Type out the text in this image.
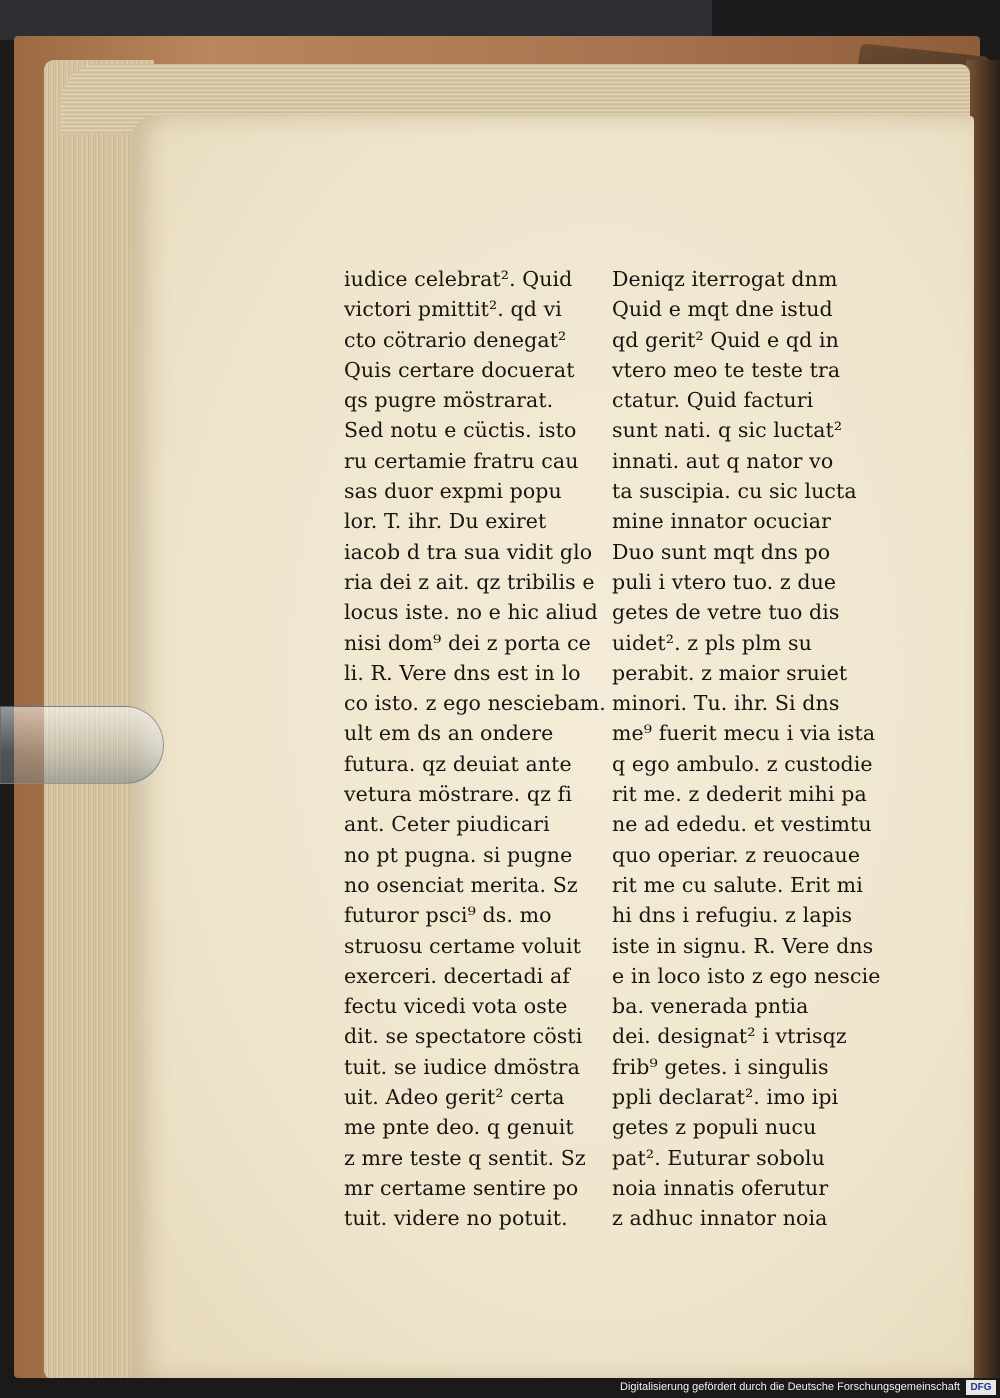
iudice celebrat². Quid
victori pmittit². qd vi
cto cötrario denegat²
Quis certare docuerat
qs pugre möstrarat.
Sed notu e cüctis. isto
ru certamie fratru cau
sas duor expmi popu
lor. T. ihr. Du exiret
iacob d tra sua vidit glo
ria dei z ait. qz tribilis e
locus iste. no e hic aliud
nisi dom⁹ dei z porta ce
li. R. Vere dns est in lo
co isto. z ego nesciebam.
ult em ds an ondere
futura. qz deuiat ante
vetura möstrare. qz fi
ant. Ceter piudicari
no pt pugna. si pugne
no osenciat merita. Sz
futuror psci⁹ ds. mo
struosu certame voluit
exerceri. decertadi af
fectu vicedi vota oste
dit. se spectatore cösti
tuit. se iudice dmöstra
uit. Adeo gerit² certa
me pnte deo. q genuit
z mre teste q sentit. Sz
mr certame sentire po
tuit. videre no potuit.
Deniqz iterrogat dnm
Quid e mqt dne istud
qd gerit² Quid e qd in
vtero meo te teste tra
ctatur. Quid facturi
sunt nati. q sic luctat²
innati. aut q nator vo
ta suscipia. cu sic lucta
mine innator ocuciar
Duo sunt mqt dns po
puli i vtero tuo. z due
getes de vetre tuo dis
uidet². z pls plm su
perabit. z maior sruiet
minori. Tu. ihr. Si dns
me⁹ fuerit mecu i via ista
q ego ambulo. z custodie
rit me. z dederit mihi pa
ne ad ededu. et vestimtu
quo operiar. z reuocaue
rit me cu salute. Erit mi
hi dns i refugiu. z lapis
iste in signu. R. Vere dns
e in loco isto z ego nescie
ba. venerada pntia
dei. designat² i vtrisqz
frib⁹ getes. i singulis
ppli declarat². imo ipi
getes z populi nucu
pat². Euturar sobolu
noia innatis oferutur
z adhuc innator noia
Digitalisierung gefördert durch die Deutsche Forschungsgemeinschaft	DFG
